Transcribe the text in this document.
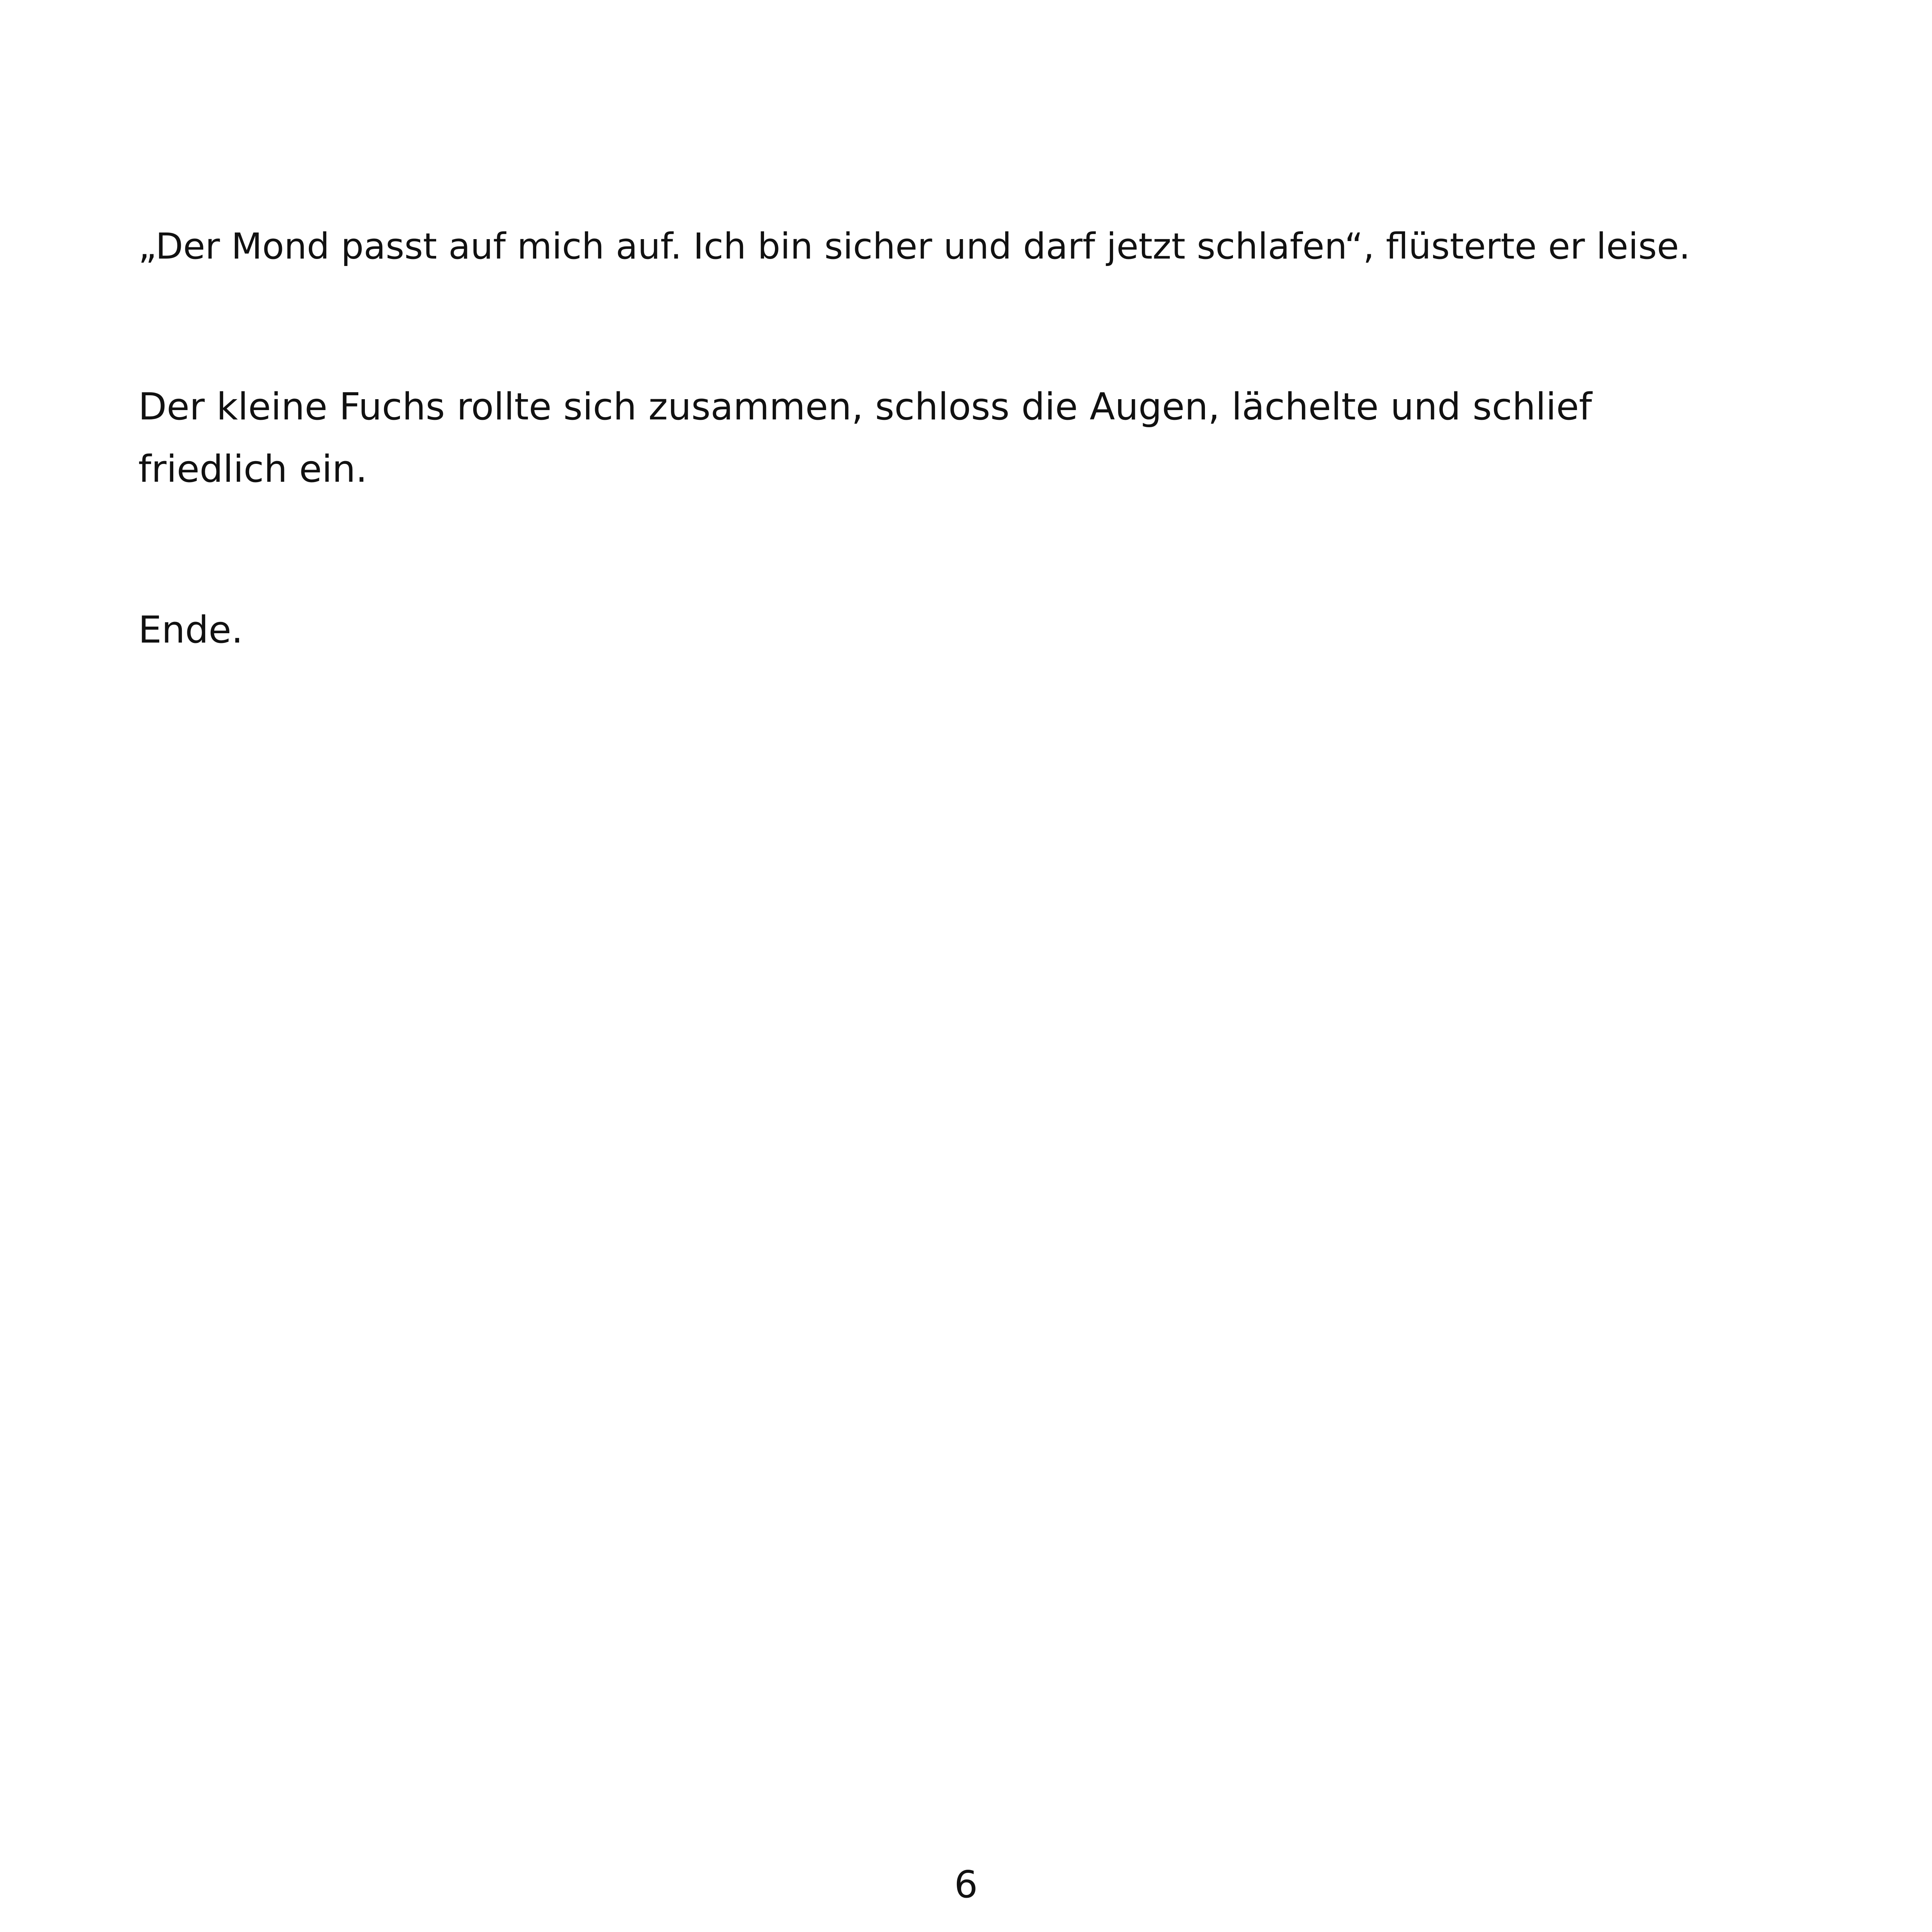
„Der Mond passt auf mich auf. Ich bin sicher und darf jetzt schlafen“, flüsterte er leise.

Der kleine Fuchs rollte sich zusammen, schloss die Augen, lächelte und schlief friedlich ein.

Ende.

6
